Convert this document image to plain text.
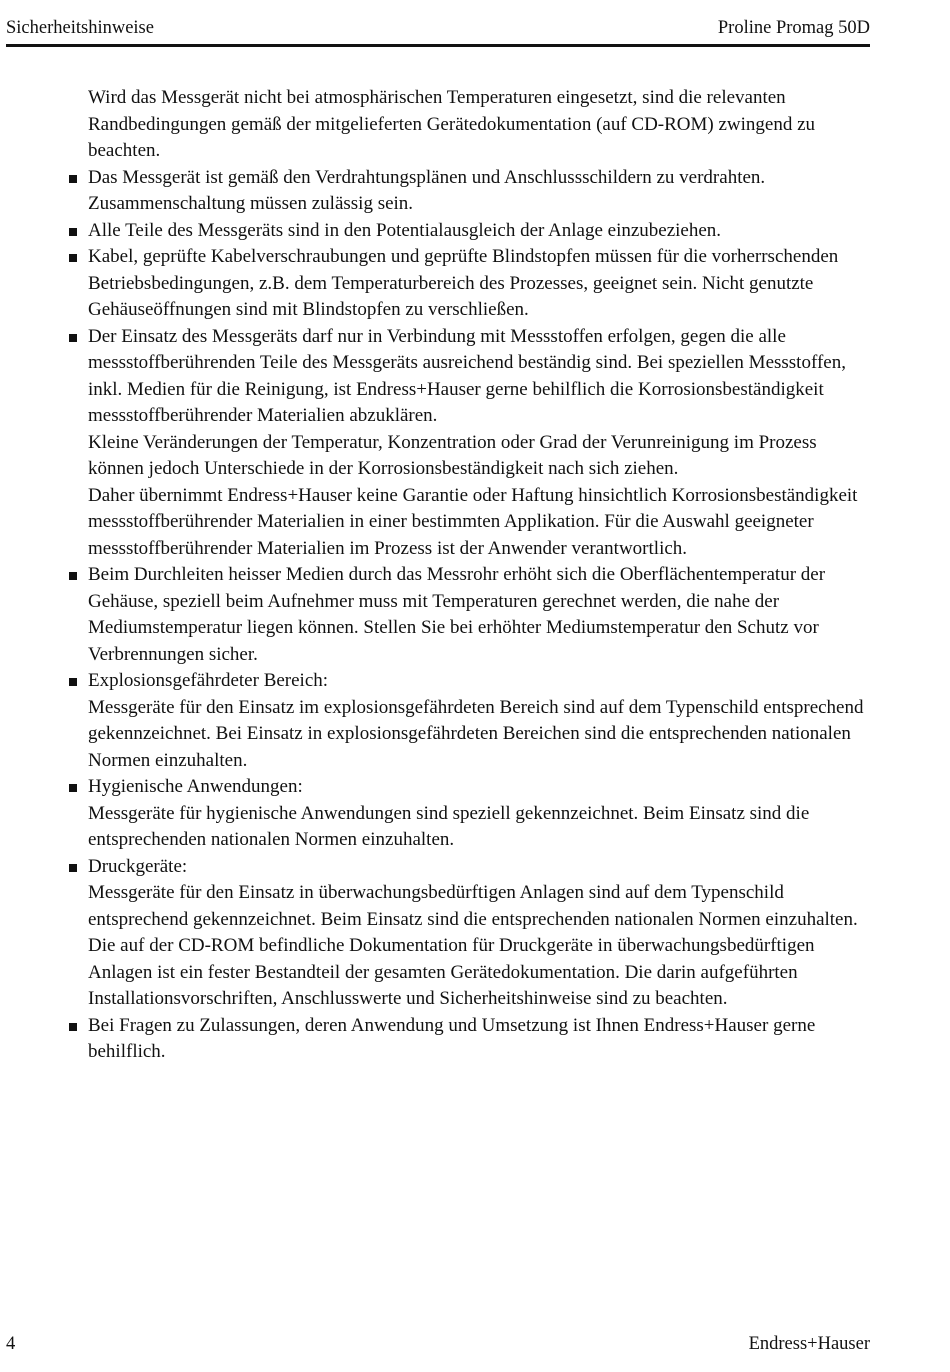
Sicherheitshinweise	Proline Promag 50D

Wird das Messgerät nicht bei atmosphärischen Temperaturen eingesetzt, sind die relevanten Randbedingungen gemäß der mitgelieferten Gerätedokumentation (auf CD-ROM) zwingend zu beachten.

Das Messgerät ist gemäß den Verdrahtungsplänen und Anschlussschildern zu verdrahten. Zusammenschaltung müssen zulässig sein.

Alle Teile des Messgeräts sind in den Potentialausgleich der Anlage einzubeziehen.

Kabel, geprüfte Kabelverschraubungen und geprüfte Blindstopfen müssen für die vorherrschenden Betriebsbedingungen, z.B. dem Temperaturbereich des Prozesses, geeignet sein. Nicht genutzte Gehäuseöffnungen sind mit Blindstopfen zu verschließen.

Der Einsatz des Messgeräts darf nur in Verbindung mit Messstoffen erfolgen, gegen die alle messstoffberührenden Teile des Messgeräts ausreichend beständig sind. Bei speziellen Messstoffen, inkl. Medien für die Reinigung, ist Endress+Hauser gerne behilflich die Korrosionsbeständigkeit messstoffberührender Materialien abzuklären.

Kleine Veränderungen der Temperatur, Konzentration oder Grad der Verunreinigung im Prozess können jedoch Unterschiede in der Korrosionsbeständigkeit nach sich ziehen.

Daher übernimmt Endress+Hauser keine Garantie oder Haftung hinsichtlich Korrosionsbeständigkeit messstoffberührender Materialien in einer bestimmten Applikation. Für die Auswahl geeigneter messstoffberührender Materialien im Prozess ist der Anwender verantwortlich.

Beim Durchleiten heisser Medien durch das Messrohr erhöht sich die Oberflächentemperatur der Gehäuse, speziell beim Aufnehmer muss mit Temperaturen gerechnet werden, die nahe der Mediumstemperatur liegen können. Stellen Sie bei erhöhter Mediumstemperatur den Schutz vor Verbrennungen sicher.

Explosionsgefährdeter Bereich:

Messgeräte für den Einsatz im explosionsgefährdeten Bereich sind auf dem Typenschild entsprechend gekennzeichnet. Bei Einsatz in explosionsgefährdeten Bereichen sind die entsprechenden nationalen Normen einzuhalten.

Hygienische Anwendungen:

Messgeräte für hygienische Anwendungen sind speziell gekennzeichnet. Beim Einsatz sind die entsprechenden nationalen Normen einzuhalten.

Druckgeräte:

Messgeräte für den Einsatz in überwachungsbedürftigen Anlagen sind auf dem Typenschild entsprechend gekennzeichnet. Beim Einsatz sind die entsprechenden nationalen Normen einzuhalten. Die auf der CD-ROM befindliche Dokumentation für Druckgeräte in überwachungsbedürftigen Anlagen ist ein fester Bestandteil der gesamten Gerätedokumentation. Die darin aufgeführten Installationsvorschriften, Anschlusswerte und Sicherheitshinweise sind zu beachten.

Bei Fragen zu Zulassungen, deren Anwendung und Umsetzung ist Ihnen Endress+Hauser gerne behilflich.

4	Endress+Hauser
